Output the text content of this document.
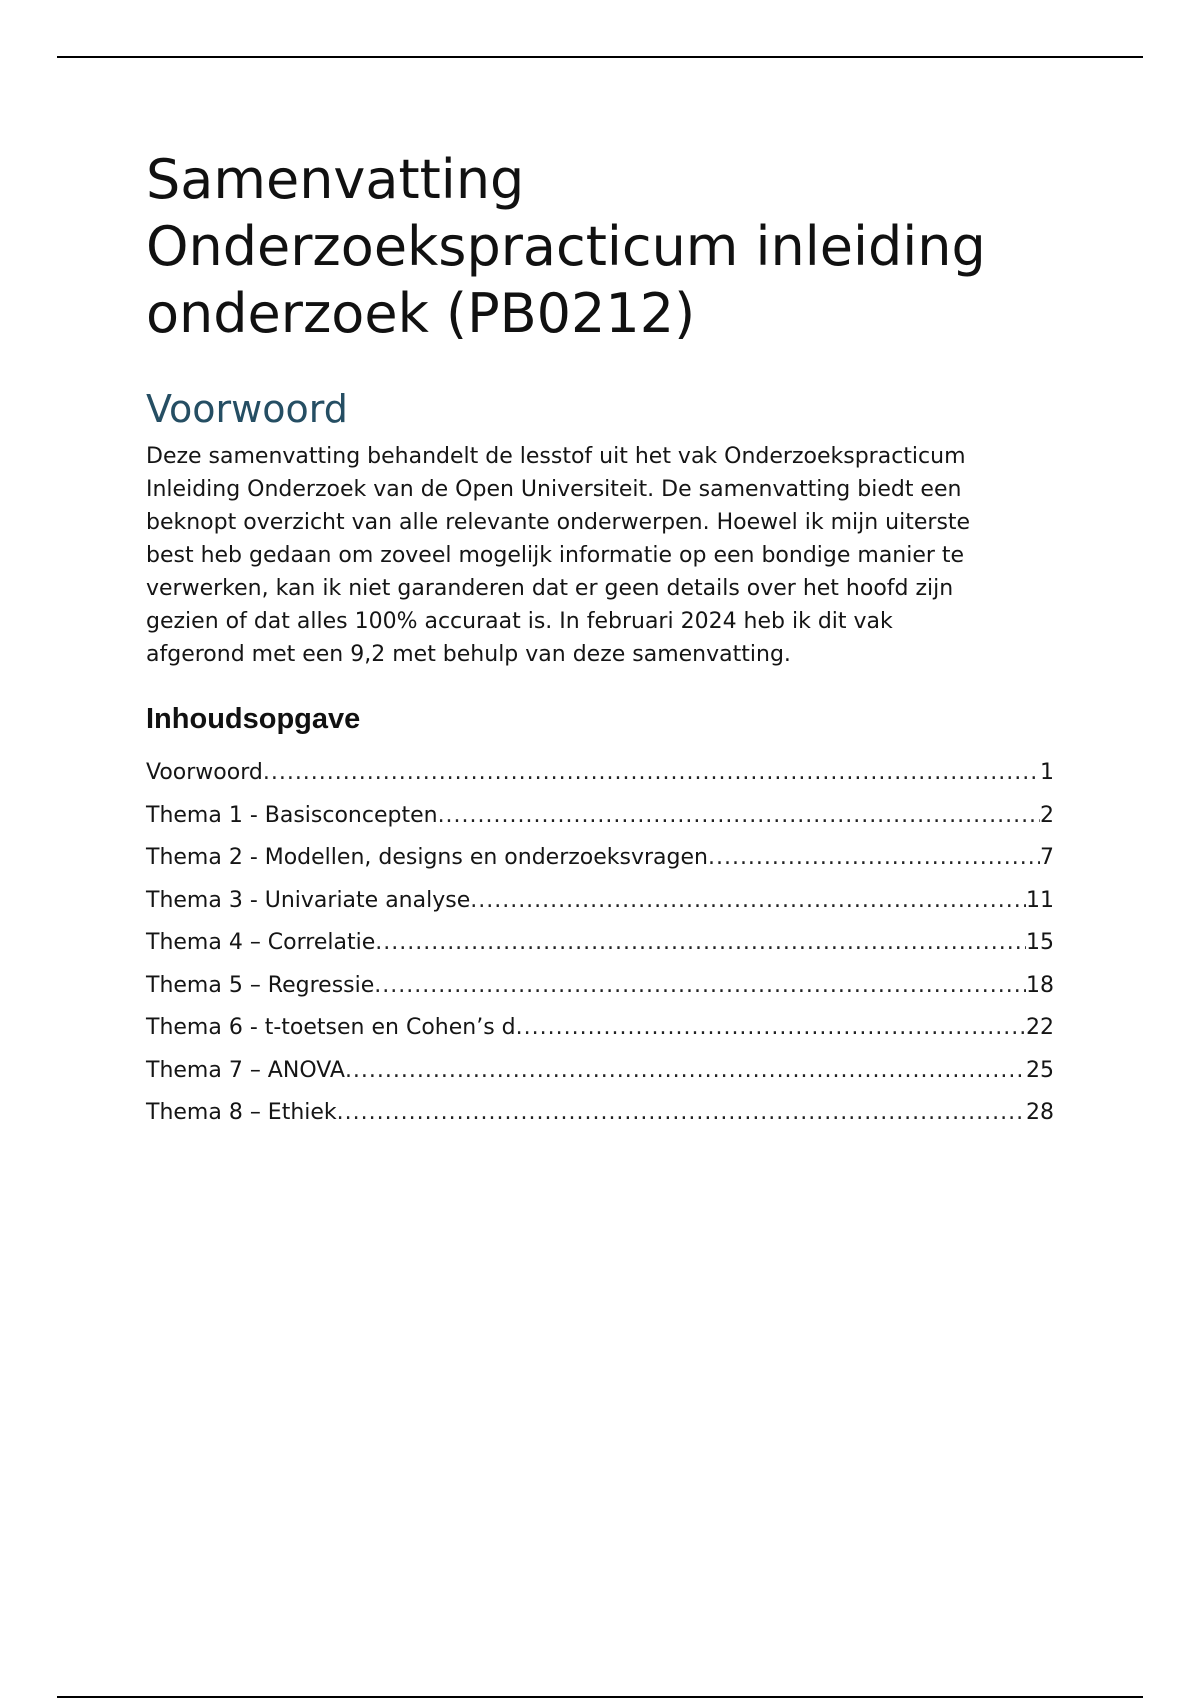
Samenvatting
Onderzoekspracticum inleiding
onderzoek (PB0212)
Voorwoord

Deze samenvatting behandelt de lesstof uit het vak Onderzoekspracticum
Inleiding Onderzoek van de Open Universiteit. De samenvatting biedt een
beknopt overzicht van alle relevante onderwerpen. Hoewel ik mijn uiterste
best heb gedaan om zoveel mogelijk informatie op een bondige manier te
verwerken, kan ik niet garanderen dat er geen details over het hoofd zijn
gezien of dat alles 100% accuraat is. In februari 2024 heb ik dit vak
afgerond met een 9,2 met behulp van deze samenvatting.

Inhoudsopgave
Voorwoord .....	1
Thema 1 - Basisconcepten .....	2
Thema 2 - Modellen, designs en onderzoeksvragen .....	7
Thema 3 - Univariate analyse .....	11
Thema 4 – Correlatie .....	15
Thema 5 – Regressie .....	18
Thema 6 - t-toetsen en Cohen’s d .....	22
Thema 7 – ANOVA .....	25
Thema 8 – Ethiek .....	28
